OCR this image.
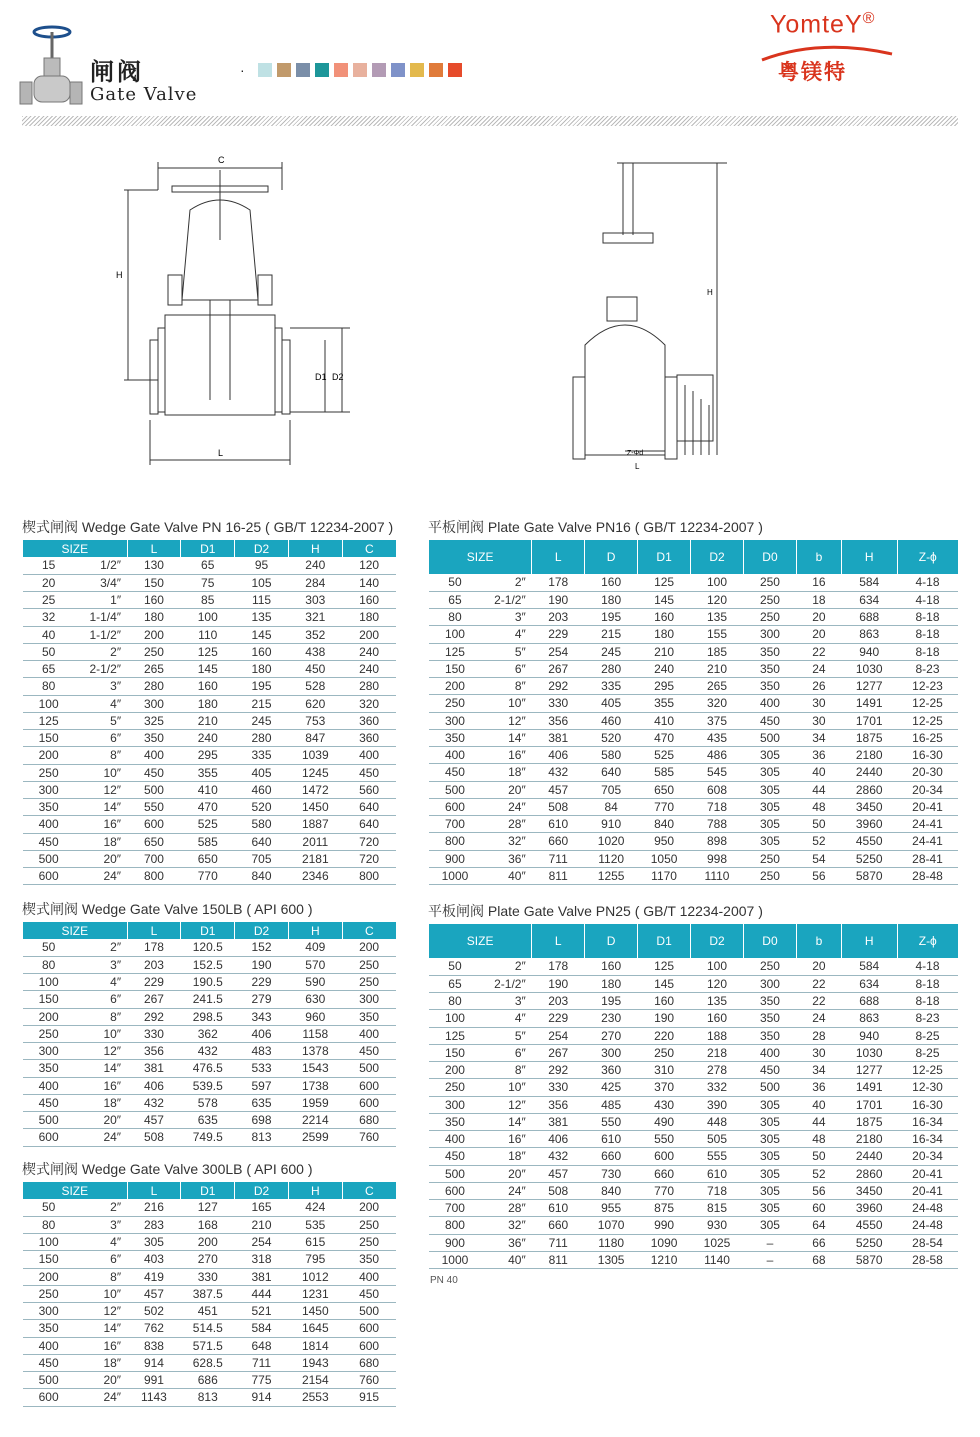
闸阀
Gate Valve
·
YomteY®
粤镁特
C
H
D1 D2
L
H
Z-Φd
L
楔式闸阀 Wedge Gate Valve PN 16-25 ( GB/T 12234-2007 )
SIZE		L	D1	D2	H	C
15	1/2″	130	65	95	240	120
20	3/4″	150	75	105	284	140
25	1″	160	85	115	303	160
32	1-1/4″	180	100	135	321	180
40	1-1/2″	200	110	145	352	200
50	2″	250	125	160	438	240
65	2-1/2″	265	145	180	450	240
80	3″	280	160	195	528	280
100	4″	300	180	215	620	320
125	5″	325	210	245	753	360
150	6″	350	240	280	847	360
200	8″	400	295	335	1039	400
250	10″	450	355	405	1245	450
300	12″	500	410	460	1472	560
350	14″	550	470	520	1450	640
400	16″	600	525	580	1887	640
450	18″	650	585	640	2011	720
500	20″	700	650	705	2181	720
600	24″	800	770	840	2346	800
楔式闸阀 Wedge Gate Valve 150LB ( API 600 )
SIZE		L	D1	D2	H	C
50	2″	178	120.5	152	409	200
80	3″	203	152.5	190	570	250
100	4″	229	190.5	229	590	250
150	6″	267	241.5	279	630	300
200	8″	292	298.5	343	960	350
250	10″	330	362	406	1158	400
300	12″	356	432	483	1378	450
350	14″	381	476.5	533	1543	500
400	16″	406	539.5	597	1738	600
450	18″	432	578	635	1959	600
500	20″	457	635	698	2214	680
600	24″	508	749.5	813	2599	760
楔式闸阀 Wedge Gate Valve 300LB ( API 600 )
SIZE		L	D1	D2	H	C
50	2″	216	127	165	424	200
80	3″	283	168	210	535	250
100	4″	305	200	254	615	250
150	6″	403	270	318	795	350
200	8″	419	330	381	1012	400
250	10″	457	387.5	444	1231	450
300	12″	502	451	521	1450	500
350	14″	762	514.5	584	1645	600
400	16″	838	571.5	648	1814	600
450	18″	914	628.5	711	1943	680
500	20″	991	686	775	2154	760
600	24″	1143	813	914	2553	915
平板闸阀 Plate Gate Valve PN16 ( GB/T 12234-2007 )
SIZE		L	D	D1	D2	D0	b	H	Z-ϕ
50	2″	178	160	125	100	250	16	584	4-18
65	2-1/2″	190	180	145	120	250	18	634	4-18
80	3″	203	195	160	135	250	20	688	8-18
100	4″	229	215	180	155	300	20	863	8-18
125	5″	254	245	210	185	350	22	940	8-18
150	6″	267	280	240	210	350	24	1030	8-23
200	8″	292	335	295	265	350	26	1277	12-23
250	10″	330	405	355	320	400	30	1491	12-25
300	12″	356	460	410	375	450	30	1701	12-25
350	14″	381	520	470	435	500	34	1875	16-25
400	16″	406	580	525	486	305	36	2180	16-30
450	18″	432	640	585	545	305	40	2440	20-30
500	20″	457	705	650	608	305	44	2860	20-34
600	24″	508	84	770	718	305	48	3450	20-41
700	28″	610	910	840	788	305	50	3960	24-41
800	32″	660	1020	950	898	305	52	4550	24-41
900	36″	711	1120	1050	998	250	54	5250	28-41
1000	40″	811	1255	1170	1110	250	56	5870	28-48
平板闸阀 Plate Gate Valve PN25 ( GB/T 12234-2007 )
SIZE		L	D	D1	D2	D0	b	H	Z-ϕ
50	2″	178	160	125	100	250	20	584	4-18
65	2-1/2″	190	180	145	120	300	22	634	8-18
80	3″	203	195	160	135	350	22	688	8-18
100	4″	229	230	190	160	350	24	863	8-23
125	5″	254	270	220	188	350	28	940	8-25
150	6″	267	300	250	218	400	30	1030	8-25
200	8″	292	360	310	278	450	34	1277	12-25
250	10″	330	425	370	332	500	36	1491	12-30
300	12″	356	485	430	390	305	40	1701	16-30
350	14″	381	550	490	448	305	44	1875	16-34
400	16″	406	610	550	505	305	48	2180	16-34
450	18″	432	660	600	555	305	50	2440	20-34
500	20″	457	730	660	610	305	52	2860	20-41
600	24″	508	840	770	718	305	56	3450	20-41
700	28″	610	955	875	815	305	60	3960	24-48
800	32″	660	1070	990	930	305	64	4550	24-48
900	36″	711	1180	1090	1025	–	66	5250	28-54
1000	40″	811	1305	1210	1140	–	68	5870	28-58
PN 40
